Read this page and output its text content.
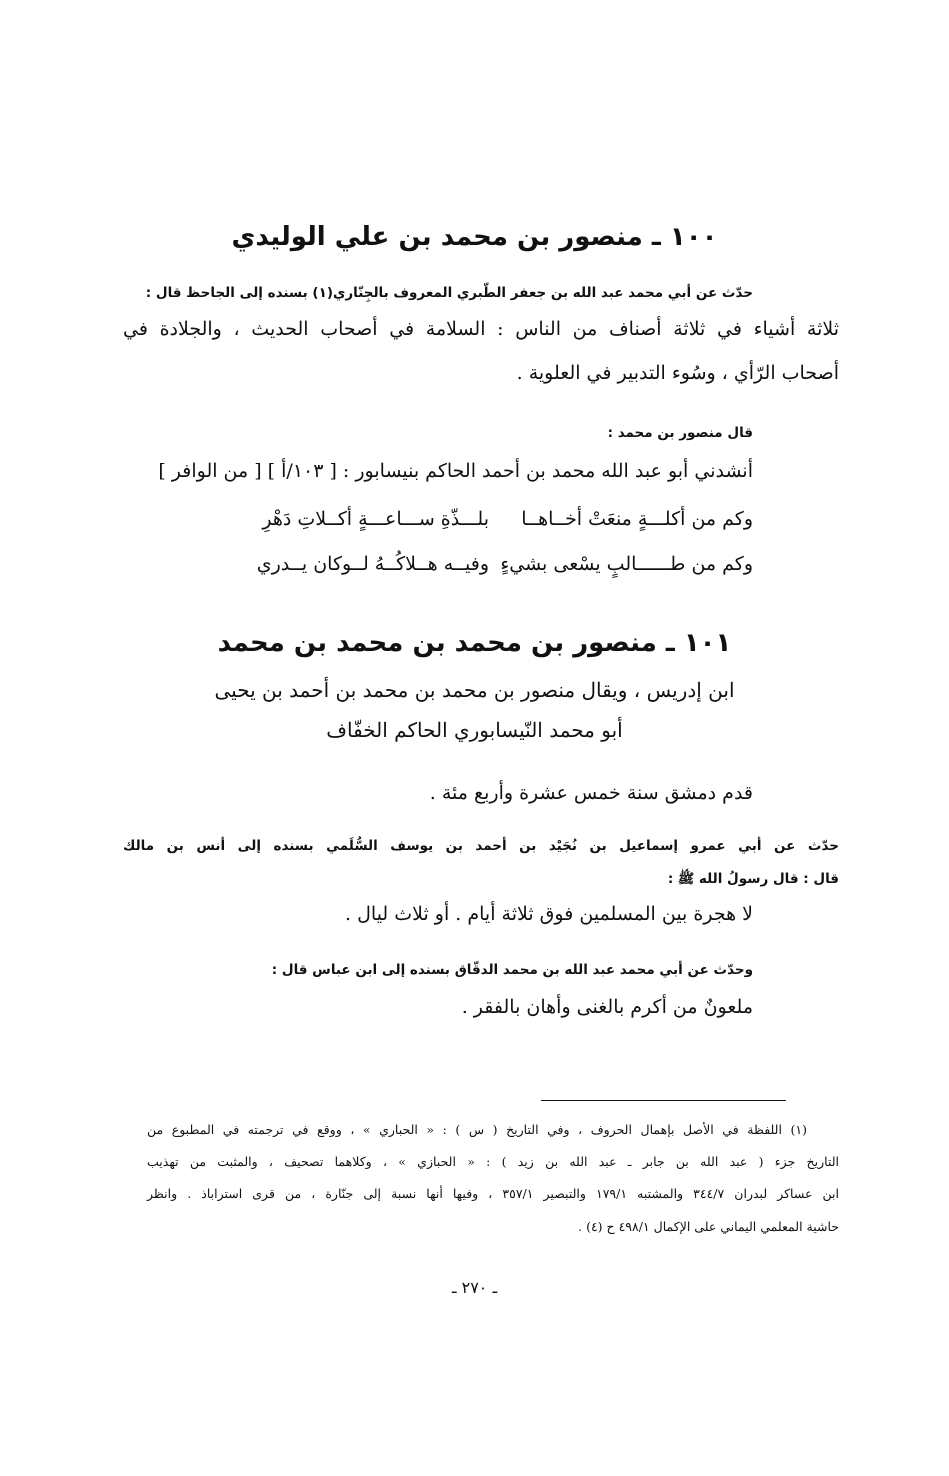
١٠٠ ـ منصور بن محمد بن علي الوليدي
حدّث عن أبي محمد عبد الله بن جعفر الطّبري المعروف بالجِنّاري(١) بسنده إلى الجاحظ قال :
ثلاثة أشياء في ثلاثة أصناف من الناس : السلامة في أصحاب الحديث ، والجلادة في
أصحاب الرّأي ، وسُوء التدبير في العلوية .
قال منصور بن محمد :
أنشدني أبو عبد الله محمد بن أحمد الحاكم بنيسابور : [ ١٠٣/أ ] [ من الوافر ]
وكم من أكلـــةٍ منعَتْ أخــاهــا
بلـــذّةِ ســـاعـــةٍ أكــلاتِ دَهْرِ
وكم من طــــــالبٍ يسْعى بشيءٍ
وفيــه هــلاكُــهُ لــوكان يــدري
١٠١ ـ منصور بن محمد بن محمد بن محمد
ابن إدريس ، ويقال منصور بن محمد بن محمد بن أحمد بن يحيى
أبو محمد النّيسابوري الحاكم الخفّاف
قدم دمشق سنة خمس عشرة وأربع مئة .
حدّث عن أبي عمرو إسماعيل بن نُجَيْد بن أحمد بن يوسف السُّلَمي بسنده إلى أنس بن مالك
قال : قال رسولُ الله ﷺ :
لا هجرة بين المسلمين فوق ثلاثة أيام . أو ثلاث ليال .
وحدّث عن أبي محمد عبد الله بن محمد الدقّاق بسنده إلى ابن عباس قال :
ملعونٌ من أكرم بالغنى وأهان بالفقر .
(١) اللفظة في الأصل بإهمال الحروف ، وفي التاريخ ( س ) : « الحباري » ، ووقع في ترجمته في المطبوع من
التاريخ جزء ( عبد الله بن جابر ـ عبد الله بن زيد ) : « الحبازي » ، وكلاهما تصحيف ، والمثبت من تهذيب
ابن عساكر لبدران ٣٤٤/٧ والمشتبه ١٧٩/١ والتبصير ٣٥٧/١ ، وفيها أنها نسبة إلى جنّارة ، من قرى استراباذ . وانظر
حاشية المعلمي اليماني على الإكمال ٤٩٨/١ ح (٤) .
ـ ٢٧٠ ـ
